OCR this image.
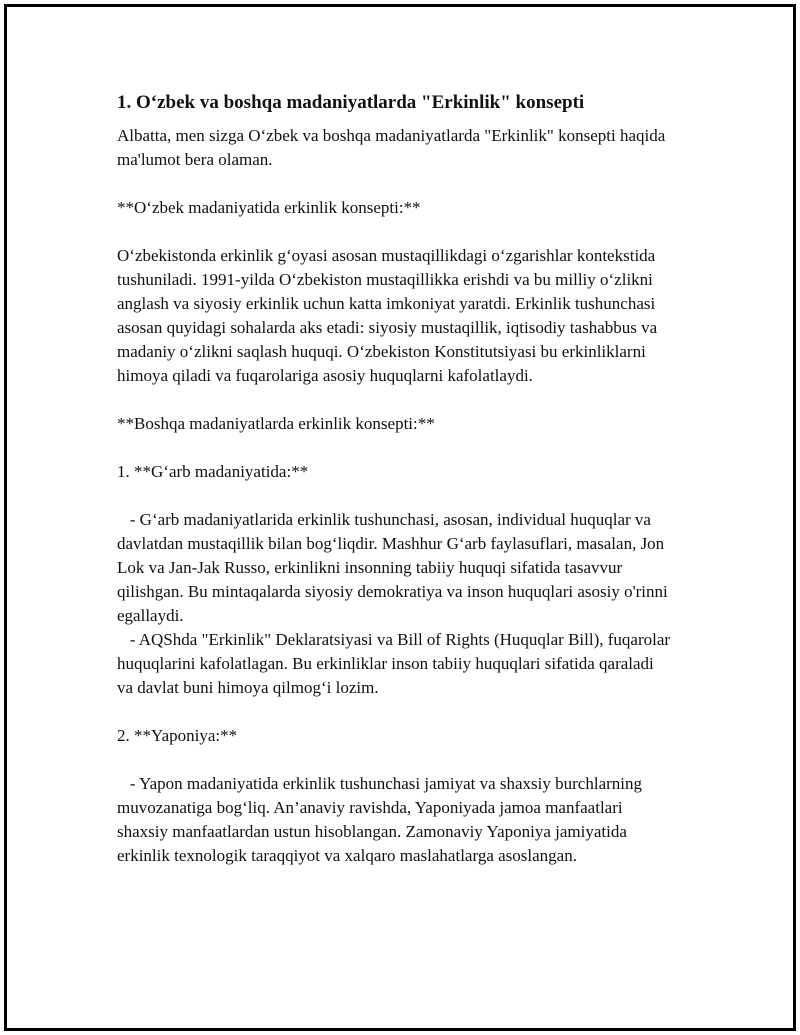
1. O‘zbek va boshqa madaniyatlarda "Erkinlik" konsepti

Albatta, men sizga O‘zbek va boshqa madaniyatlarda "Erkinlik" konsepti haqida ma'lumot bera olaman.

**O‘zbek madaniyatida erkinlik konsepti:**

O‘zbekistonda erkinlik g‘oyasi asosan mustaqillikdagi o‘zgarishlar kontekstida tushuniladi. 1991-yilda O‘zbekiston mustaqillikka erishdi va bu milliy o‘zlikni anglash va siyosiy erkinlik uchun katta imkoniyat yaratdi. Erkinlik tushunchasi asosan quyidagi sohalarda aks etadi: siyosiy mustaqillik, iqtisodiy tashabbus va madaniy o‘zlikni saqlash huquqi. O‘zbekiston Konstitutsiyasi bu erkinliklarni himoya qiladi va fuqarolariga asosiy huquqlarni kafolatlaydi.

**Boshqa madaniyatlarda erkinlik konsepti:**

1. **G‘arb madaniyatida:**

- G‘arb madaniyatlarida erkinlik tushunchasi, asosan, individual huquqlar va davlatdan mustaqillik bilan bog‘liqdir. Mashhur G‘arb faylasuflari, masalan, Jon Lok va Jan-Jak Russo, erkinlikni insonning tabiiy huquqi sifatida tasavvur qilishgan. Bu mintaqalarda siyosiy demokratiya va inson huquqlari asosiy o'rinni egallaydi.

- AQShda "Erkinlik" Deklaratsiyasi va Bill of Rights (Huquqlar Bill), fuqarolar huquqlarini kafolatlagan. Bu erkinliklar inson tabiiy huquqlari sifatida qaraladi va davlat buni himoya qilmog‘i lozim.

2. **Yaponiya:**

- Yapon madaniyatida erkinlik tushunchasi jamiyat va shaxsiy burchlarning muvozanatiga bog‘liq. An’anaviy ravishda, Yaponiyada jamoa manfaatlari shaxsiy manfaatlardan ustun hisoblangan. Zamonaviy Yaponiya jamiyatida erkinlik texnologik taraqqiyot va xalqaro maslahatlarga asoslangan.
